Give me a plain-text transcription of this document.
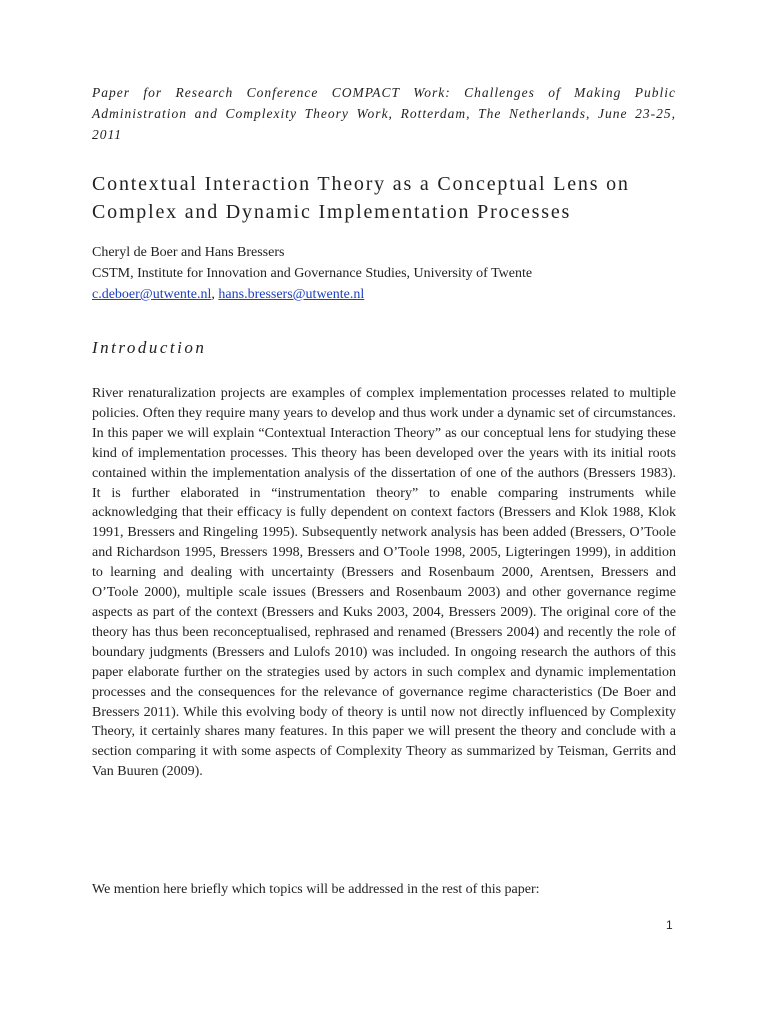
Paper for Research Conference COMPACT Work: Challenges of Making Public Administration and Complexity Theory Work, Rotterdam, The Netherlands, June 23-25, 2011
Contextual Interaction Theory as a Conceptual Lens on Complex and Dynamic Implementation Processes
Cheryl de Boer and Hans Bressers
CSTM, Institute for Innovation and Governance Studies, University of Twente
c.deboer@utwente.nl, hans.bressers@utwente.nl
Introduction

River renaturalization projects are examples of complex implementation processes related to multiple policies. Often they require many years to develop and thus work under a dynamic set of circumstances. In this paper we will explain “Contextual Interaction Theory” as our conceptual lens for studying these kind of implementation processes. This theory has been developed over the years with its initial roots contained within the implementation analysis of the dissertation of one of the authors (Bressers 1983). It is further elaborated in “instrumentation theory” to enable comparing instruments while acknowledging that their efficacy is fully dependent on context factors (Bressers and Klok 1988, Klok 1991, Bressers and Ringeling 1995). Subsequently network analysis has been added (Bressers, O’Toole and Richardson 1995, Bressers 1998, Bressers and O’Toole 1998, 2005, Ligteringen 1999), in addition to learning and dealing with uncertainty (Bressers and Rosenbaum 2000, Arentsen, Bressers and O’Toole 2000), multiple scale issues (Bressers and Rosenbaum 2003) and other governance regime aspects as part of the context (Bressers and Kuks 2003, 2004, Bressers 2009). The original core of the theory has thus been reconceptualised, rephrased and renamed (Bressers 2004) and recently the role of boundary judgments (Bressers and Lulofs 2010) was included. In ongoing research the authors of this paper elaborate further on the strategies used by actors in such complex and dynamic implementation processes and the consequences for the relevance of governance regime characteristics (De Boer and Bressers 2011). While this evolving body of theory is until now not directly influenced by Complexity Theory, it certainly shares many features. In this paper we will present the theory and conclude with a section comparing it with some aspects of Complexity Theory as summarized by Teisman, Gerrits and Van Buuren (2009).

We mention here briefly which topics will be addressed in the rest of this paper:

1
